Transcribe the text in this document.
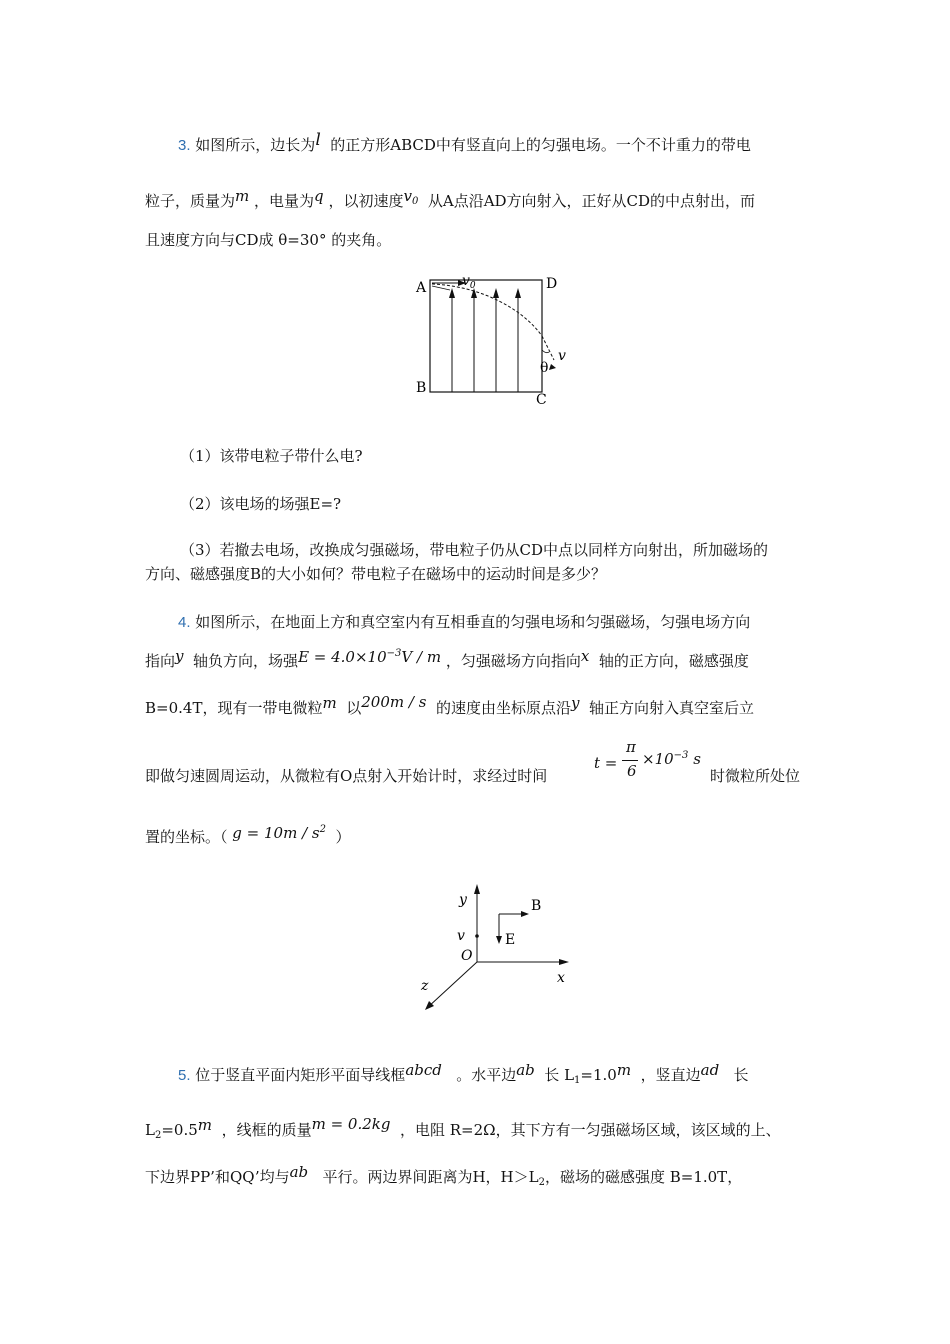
3. 如图所示，边长为l 的正方形ABCD中有竖直向上的匀强电场。一个不计重力的带电
粒子，质量为m ，电量为q ，以初速度$v_0$ 从A点沿AD方向射入，正好从CD的中点射出，而
且速度方向与CD成 θ=30° 的夹角。
A
B
C
D
$v_0$
v
θ
（1）该带电粒子带什么电?
（2）该电场的场强E=?
（3）若撤去电场，改换成匀强磁场，带电粒子仍从CD中点以同样方向射出，所加磁场的
方向、磁感强度B的大小如何？带电粒子在磁场中的运动时间是多少？
4. 如图所示，在地面上方和真空室内有互相垂直的匀强电场和匀强磁场，匀强电场方向
指向y 轴负方向，场强$E = 4.0\times 10^{-3}V / m$ ，匀强磁场方向指向x 轴的正方向，磁感强度
B=0.4T，现有一带电微粒m 以200m / s 的速度由坐标原点沿y 轴正方向射入真空室后立
即做匀速圆周运动，从微粒有O点射入开始计时，求经过时间
t =
π
6
$\times 10^{-3}$ s
时微粒所处位
置的坐标。（ $g = 10m / s^2$ ）
y
x
z
O
v
B
E
5. 位于竖直平面内矩形平面导线框abcd 。水平边ab 长 $L_1=1.0m$ ，竖直边ad 长
$L_2=0.5m$ ，线框的质量m = 0.2kg ，电阻 R=2Ω，其下方有一匀强磁场区域，该区域的上、
下边界PP’和QQ’均与ab 平行。两边界间距离为H，$H>L_2$，磁场的磁感强度 B=1.0T，
